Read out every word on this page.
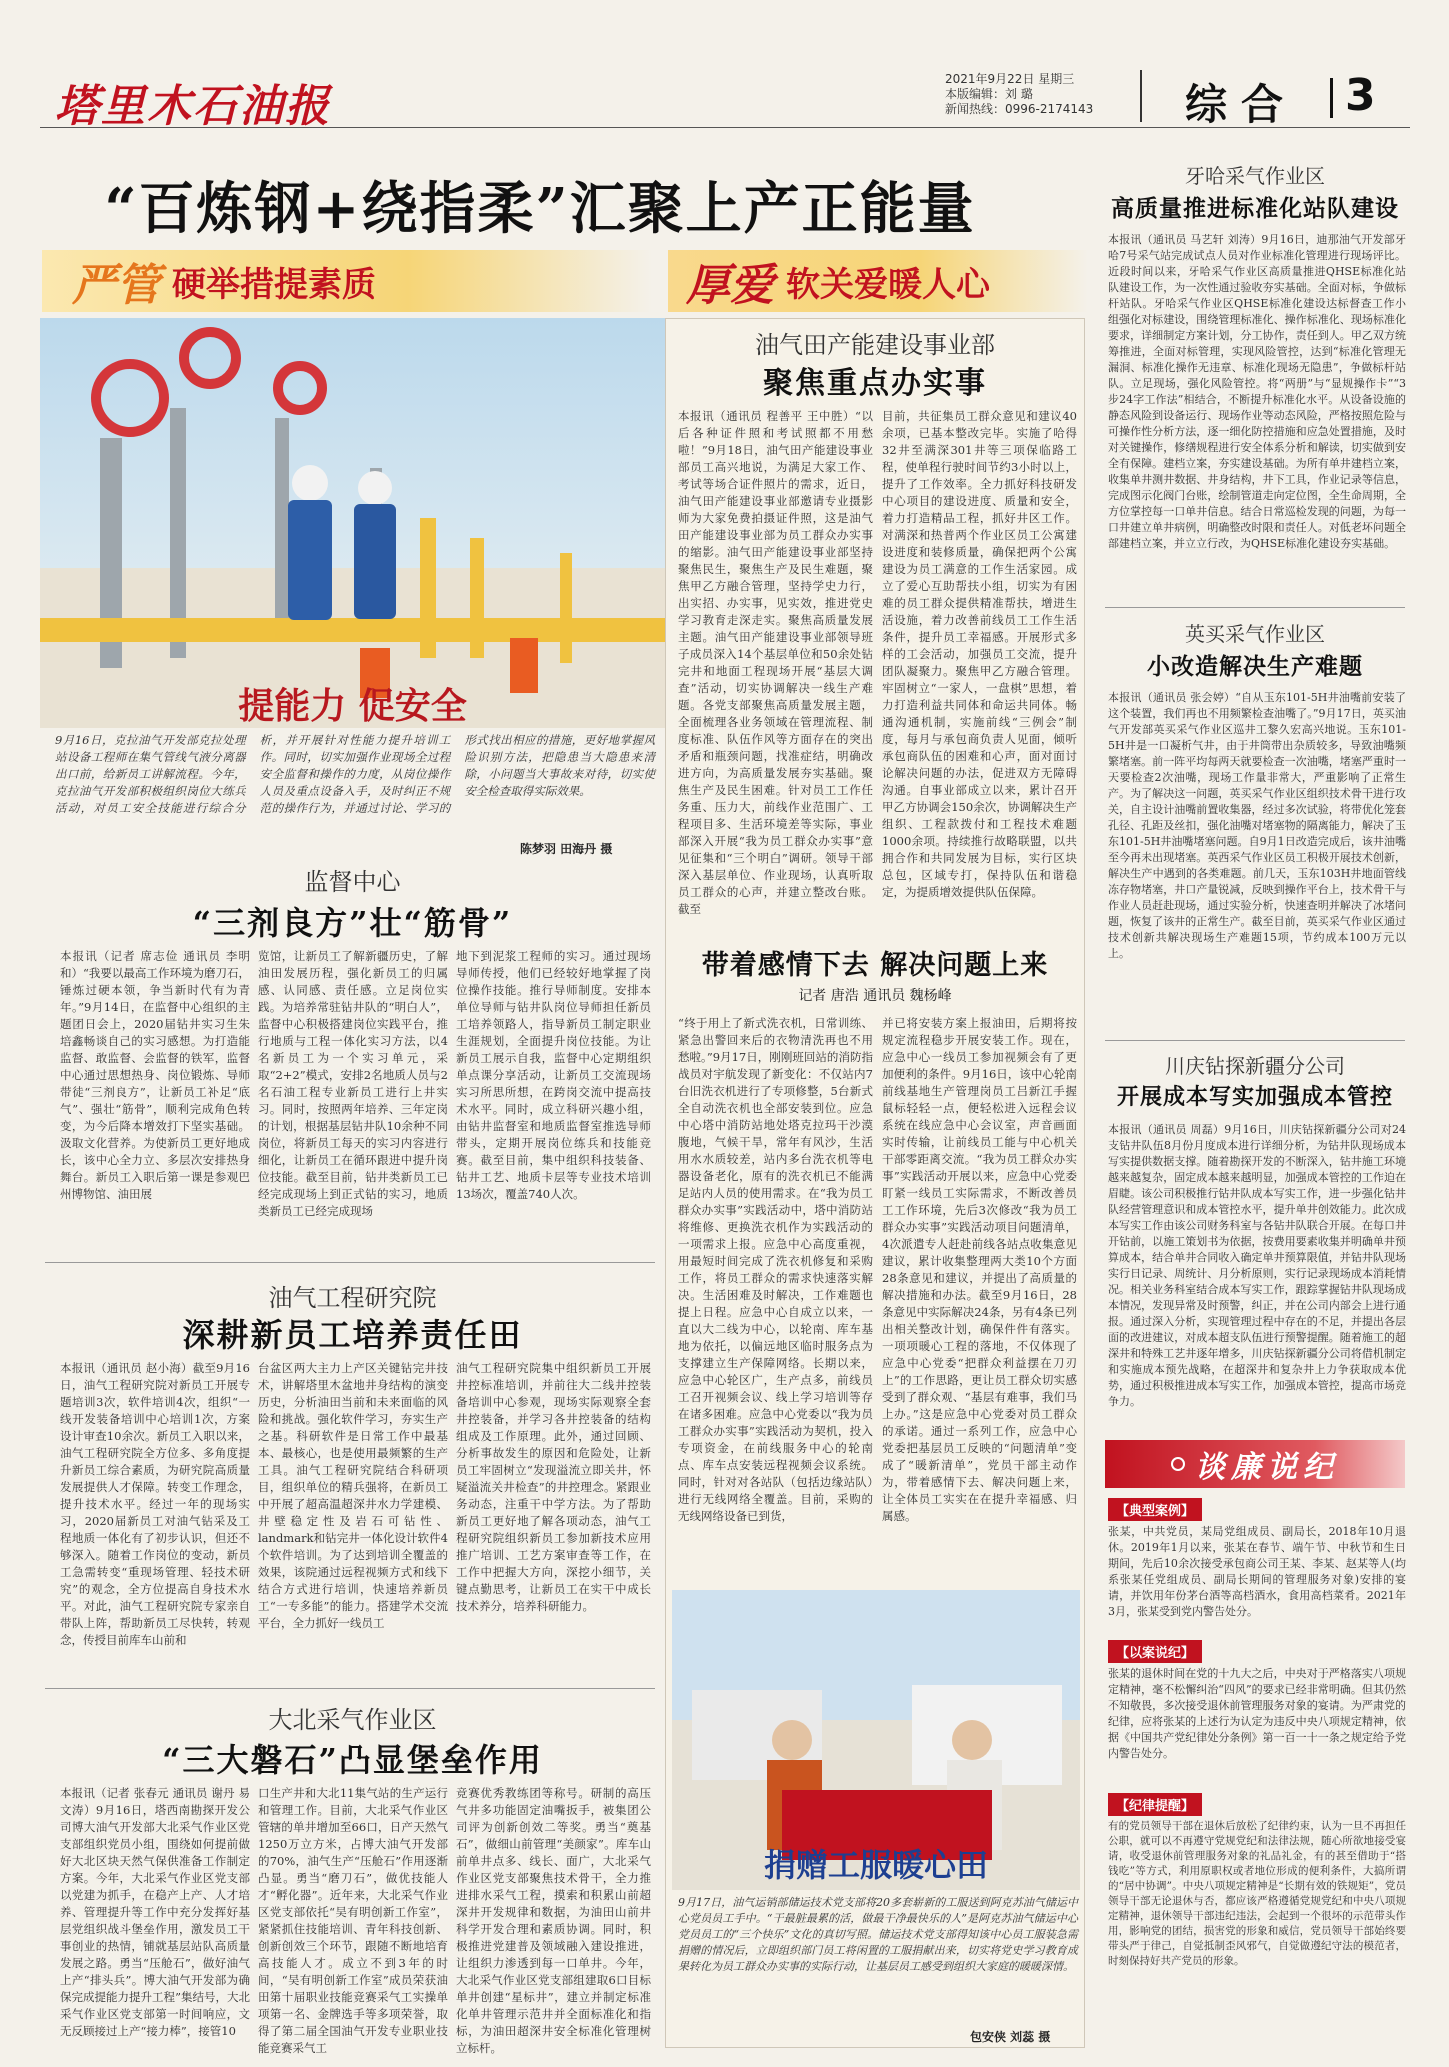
塔里木石油报
2021年9月22日 星期三
本版编辑：刘 璐
新闻热线：0996-2174143	综合 3
“百炼钢+绕指柔”汇聚上产正能量
严管 硬举措提素质	厚爱 软关爱暖人心
提能力 促安全
9月16日，克拉油气开发部克拉处理站设备工程师在集气管线气液分离器出口前，给新员工讲解流程。今年，克拉油气开发部积极组织岗位大练兵活动，对员工安全技能进行综合分析，并开展针对性能力提升培训工作。同时，切实加强作业现场全过程安全监督和操作的力度，从岗位操作人员及重点设备入手，及时纠正不规范的操作行为，并通过讨论、学习的形式找出相应的措施，更好地掌握风险识别方法，把隐患当大隐患来清除，小问题当大事故来对待，切实使安全检查取得实际效果。
陈梦羽 田海丹 摄
监督中心
“三剂良方”壮“筋骨”
本报讯（记者 席志俭 通讯员 李明和）“我要以最高工作环境为磨刀石，锤炼过硬本领，争当新时代有为青年。”9月14日，在监督中心组织的主题团日会上，2020届钻井实习生朱培鑫畅谈自己的实习感想。为打造能监督、敢监督、会监督的铁军，监督中心通过思想热身、岗位锻炼、导师带徒“三剂良方”，让新员工补足“底气”、强壮“筋骨”，顺利完成角色转变，为今后降本增效打下坚实基础。汲取文化营养。为使新员工更好地成长，该中心全力立、多层次安排热身舞台。新员工入职后第一课是参观巴州博物馆、油田展
览馆，让新员工了解新疆历史，了解油田发展历程，强化新员工的归属感、认同感、责任感。立足岗位实践。为培养常驻钻井队的“明白人”，监督中心积极搭建岗位实践平台，推行地质与工程一体化实习方法，以4名新员工为一个实习单元，采取“2+2”模式，安排2名地质人员与2名石油工程专业新员工进行上井实习。同时，按照两年培养、三年定岗的计划，根据基层钻井队10余种不同岗位，将新员工每天的实习内容进行细化，让新员工在循环跟进中提升岗位技能。截至目前，钻井类新员工已经完成现场上到正式钻的实习，地质类新员工已经完成现场
地下到泥浆工程师的实习。通过现场导师传授，他们已经较好地掌握了岗位操作技能。推行导师制度。安排本单位导师与钻井队岗位导师担任新员工培养领路人，指导新员工制定职业生涯规划，全面提升岗位技能。为让新员工展示自我，监督中心定期组织单点课分享活动，让新员工交流现场实习所思所想，在跨岗交流中提高技术水平。同时，成立科研兴趣小组，由钻井监督室和地质监督室推选导师带头，定期开展岗位练兵和技能竞赛。截至目前，集中组织科技装备、钻井工艺、地质卡层等专业技术培训13场次，覆盖740人次。
油气工程研究院
深耕新员工培养责任田
本报讯（通讯员 赵小海）截至9月16日，油气工程研究院对新员工开展专题培训3次，软件培训4次，组织“一线开发装备培训中心培训1次，方案设计审查10余次。新员工入职以来，油气工程研究院全方位多、多角度提升新员工综合素质，为研究院高质量发展提供人才保障。转变工作理念，提升技术水平。经过一年的现场实习，2020届新员工对油气钻采及工程地质一体化有了初步认识，但还不够深入。随着工作岗位的变动，新员工急需转变“重现场管理、轻技术研究”的观念，全方位提高自身技术水平。对此，油气工程研究院专家亲自带队上阵，帮助新员工尽快转，转观念，传授目前库车山前和
台盆区两大主力上产区关键钻完井技术，讲解塔里木盆地井身结构的演变历史，分析油田当前和未来面临的风险和挑战。强化软件学习，夯实生产之基。科研软件是日常工作中最基本、最核心，也是使用最频繁的生产工具。油气工程研究院结合科研项目，组织单位的精兵强将，在新员工中开展了超高温超深井水力学建模、井壁稳定性及岩石可钻性、landmark和钻完井一体化设计软件4个软件培训。为了达到培训全覆盖的效果，该院通过远程视频方式和线下结合方式进行培训，快速培养新员工“一专多能”的能力。搭建学术交流平台，全力抓好一线员工
油气工程研究院集中组织新员工开展井控标准培训，并前往大二线井控装备培训中心参观，现场实际观察全套井控装备，并学习各井控装备的结构组成及工作原理。此外，通过回顾、分析事故发生的原因和危险处，让新员工牢固树立“发现溢流立即关井，怀疑溢流关井检查”的井控理念。紧跟业务动态，注重干中学方法。为了帮助新员工更好地了解各项动态，油气工程研究院组织新员工参加新技术应用推广培训、工艺方案审查等工作，在工作中把握大方向，深挖小细节，关键点勤思考，让新员工在实干中成长技术养分，培养科研能力。
大北采气作业区
“三大磐石”凸显堡垒作用
本报讯（记者 张春元 通讯员 谢丹 易文涛）9月16日，塔西南勘探开发公司博大油气开发部大北采气作业区党支部组织党员小组，围绕如何提前做好大北区块天然气保供准备工作制定方案。今年，大北采气作业区党支部以党建为抓手，在稳产上产、人才培养、管理提升等工作中充分发挥好基层党组织战斗堡垒作用，激发员工干事创业的热情，铺就基层站队高质量发展之路。勇当“压舱石”，做好油气上产“排头兵”。博大油气开发部为确保完成提能力提升工程”集结号，大北采气作业区党支部第一时间响应，文无反顾接过上产“接力棒”，接管10
口生产井和大北11集气站的生产运行和管理工作。目前，大北采气作业区管辖的单井增加至66口，日产天然气1250万立方米，占博大油气开发部的70%，油气生产“压舱石”作用逐渐凸显。勇当“磨刀石”，做优技能人才“孵化器”。近年来，大北采气作业区党支部依托“吴有明创新工作室”，紧紧抓住技能培训、青年科技创新、创新创效三个环节，跟随不断地培育高技能人才。成立不到3年的时间，“吴有明创新工作室”成员荣获油田第十届职业技能竞赛采气工实操单项第一名、金牌选手等多项荣誉，取得了第二届全国油气开发专业职业技能竞赛采气工
竞赛优秀教练团等称号。研制的高压气井多功能固定油嘴扳手，被集团公司评为创新创效二等奖。勇当“奠基石”，做细山前管理“美颜家”。库车山前单井点多、线长、面广，大北采气作业区党支部聚焦技术骨干，全力推进排水采气工程，摸索和积累山前超深井开发规律和数据，为油田山前井科学开发合理和素质协调。同时，积极推进党建普及领域融入建设推进，让组织力渗透到每一口单井。今年，大北采气作业区党支部组建取6口目标单井创建“星标井”，建立并制定标准化单井管理示范井并全面标准化和指标，为油田超深井安全标准化管理树立标杆。
油气田产能建设事业部
聚焦重点办实事
本报讯（通讯员 程善平 王中胜）“以后各种证件照和考试照都不用愁啦！”9月18日，油气田产能建设事业部员工高兴地说，为满足大家工作、考试等场合证件照片的需求，近日，油气田产能建设事业部邀请专业摄影师为大家免费拍摄证件照，这是油气田产能建设事业部为员工群众办实事的缩影。油气田产能建设事业部坚持聚焦民生，聚焦生产及民生难题，聚焦甲乙方融合管理，坚持学史力行，出实招、办实事，见实效，推进党史学习教育走深走实。聚焦高质量发展主题。油气田产能建设事业部领导班子成员深入14个基层单位和50余处钻完井和地面工程现场开展“基层大调查”活动，切实协调解决一线生产难题。各党支部聚焦高质量发展主题，全面梳理各业务领域在管理流程、制度标准、队伍作风等方面存在的突出矛盾和瓶颈问题，找准症结，明确改进方向，为高质量发展夯实基础。聚焦生产及民生困难。针对员工工作任务重、压力大，前线作业范围广、工程项目多、生活环境差等实际，事业部深入开展“我为员工群众办实事”意见征集和“三个明白”调研。领导干部深入基层单位、作业现场，认真听取员工群众的心声，并建立整改台账。截至
目前，共征集员工群众意见和建议40余项，已基本整改完毕。实施了哈得32井至满深301井等三项保临路工程，使单程行驶时间节约3小时以上，提升了工作效率。全力抓好科技研发中心项目的建设进度、质量和安全，着力打造精品工程，抓好井区工作。对满深和热普两个作业区员工公寓建设进度和装修质量，确保把两个公寓建设为员工满意的工作生活家园。成立了爱心互助帮扶小组，切实为有困难的员工群众提供精准帮扶，增进生活设施，着力改善前线员工工作生活条件，提升员工幸福感。开展形式多样的工会活动，加强员工交流，提升团队凝聚力。聚焦甲乙方融合管理。牢固树立“一家人，一盘棋”思想，着力打造利益共同体和命运共同体。畅通沟通机制，实施前线“三例会”制度，每月与承包商负责人见面，倾听承包商队伍的困难和心声，面对面讨论解决问题的办法，促进双方无障碍沟通。自事业部成立以来，累计召开甲乙方协调会150余次，协调解决生产组织、工程款拨付和工程技术难题1000余项。持续推行故略联盟，以共拥合作和共同发展为目标，实行区块总包，区域专打，保持队伍和谐稳定，为提质增效提供队伍保障。
带着感情下去 解决问题上来
记者 唐浩 通讯员 魏杨峰
“终于用上了新式洗衣机，日常训练、紧急出警回来后的衣物清洗再也不用愁啦。”9月17日，刚刚班回站的消防指战员对宇航发现了新变化：不仅站内7台旧洗衣机进行了专项修整，5台新式全自动洗衣机也全部安装到位。应急中心塔中消防站地处塔克拉玛干沙漠腹地，气候干旱，常年有风沙，生活用水水质较差，站内多台洗衣机等电器设备老化，原有的洗衣机已不能满足站内人员的使用需求。在“我为员工群众办实事”实践活动中，塔中消防站将维修、更换洗衣机作为实践活动的一项需求上报。应急中心高度重视，用最短时间完成了洗衣机修复和采购工作，将员工群众的需求快速落实解决。生活困难及时解决，工作难题也提上日程。应急中心自成立以来，一直以大二线为中心，以轮南、库车基地为依托，以偏远地区临时服务点为支撑建立生产保障网络。长期以来，应急中心轮区广，生产点多，前线员工召开视频会议、线上学习培训等存在诸多困难。应急中心党委以“我为员工群众办实事”实践活动为契机，投入专项资金，在前线服务中心的轮南点、库车点安装远程视频会议系统。同时，针对对各站队（包括边缘站队）进行无线网络全覆盖。目前，采购的无线网络设备已到货，
并已将安装方案上报油田，后期将按规定流程稳步开展安装工作。现在，应急中心一线员工参加视频会有了更加便利的条件。9月16日，该中心轮南前线基地生产管理岗员工吕新江手握鼠标轻轻一点，便轻松进入远程会议系统在线应急中心会议室，声音画面实时传输，让前线员工能与中心机关干部零距离交流。“我为员工群众办实事”实践活动开展以来，应急中心党委盯紧一线员工实际需求，不断改善员工工作环境，先后3次修改“我为员工群众办实事”实践活动项目问题清单，4次派遣专人赶赴前线各站点收集意见建议，累计收集整理两大类10个方面28条意见和建议，并提出了高质量的解决措施和办法。截至9月16日，28条意见中实际解决24条，另有4条已列出相关整改计划，确保件件有落实。一项项暖心工程的落地，不仅体现了应急中心党委“把群众利益摆在刀刃上”的工作思路，更让员工群众切实感受到了群众观、“基层有难事，我们马上办。”这是应急中心党委对员工群众的承诺。通过一系列工作，应急中心党委把基层员工反映的“问题清单”变成了“暖新清单”，党员干部主动作为，带着感情下去、解决问题上来，让全体员工实实在在提升幸福感、归属感。
捐赠工服暖心田
9月17日，油气运销部储运技术党支部将20多套崭新的工服送到阿克苏油气储运中心党员员工手中。“干最脏最累的活，做最干净最快乐的人”是阿克苏油气储运中心党员员工的“三个快乐”文化的真切写照。储运技术党支部得知该中心员工服装急需捐赠的情况后，立即组织部门员工将闲置的工服捐献出来，切实将党史学习教育成果转化为员工群众办实事的实际行动，让基层员工感受到组织大家庭的暖暖深情。
包安侠 刘蕊 摄
牙哈采气作业区
高质量推进标准化站队建设
本报讯（通讯员 马艺轩 刘涛）9月16日，迪那油气开发部牙哈7号采气站完成试点人员对作业标准化管理进行现场评比。近段时间以来，牙哈采气作业区高质量推进QHSE标准化站队建设工作，为一次性通过验收夯实基础。全面对标，争做标杆站队。牙哈采气作业区QHSE标准化建设达标督查工作小组强化对标建设，围绕管理标准化、操作标准化、现场标准化要求，详细制定方案计划，分工协作，责任到人。甲乙双方统筹推进，全面对标管理，实现风险管控，达到“标准化管理无漏洞、标准化操作无违章、标准化现场无隐患”，争做标杆站队。立足现场，强化风险管控。将“两册”与“显规操作卡”“3步24字工作法”相结合，不断提升标准化水平。从设备设施的静态风险到设备运行、现场作业等动态风险，严格按照危险与可操作性分析方法，逐一细化防控措施和应急处置措施，及时对关键操作，修缮规程进行安全体系分析和解读，切实做到安全有保障。建档立案，夯实建设基础。为所有单井建档立案，收集单井测井数据、井身结构，井下工具，作业记录等信息，完成图示化阀门台账，绘制管道走向定位图，全生命周期，全方位掌控每一口单井信息。结合日常巡检发现的问题，为每一口井建立单井病例，明确整改时限和责任人。对低老坏问题全部建档立案，并立立行改，为QHSE标准化建设夯实基础。
英买采气作业区
小改造解决生产难题
本报讯（通讯员 张会婷）“自从玉东101-5H井油嘴前安装了这个装置，我们再也不用频繁检查油嘴了。”9月17日，英买油气开发部英买采气作业区巡井工黎久宏高兴地说。玉东101-5H井是一口凝析气井，由于井筒带出杂质较多，导致油嘴频繁堵塞。前一阵平均每两天就要检查一次油嘴，堵塞严重时一天要检查2次油嘴，现场工作量非常大，严重影响了正常生产。为了解决这一问题，英买采气作业区组织技术骨干进行攻关，自主设计油嘴前置收集器，经过多次试验，将带优化笼套孔径、孔距及丝扣，强化油嘴对堵塞物的隔离能力，解决了玉东101-5H井油嘴堵塞问题。自9月1日改造完成后，该井油嘴至今再未出现堵塞。英西采气作业区员工积极开展技术创新，解决生产中遇到的各类难题。前几天，玉东103H井地面管线冻存物堵塞，井口产量锐减，反映到操作平台上，技术骨干与作业人员赶赴现场，通过实验分析，快速查明并解决了冰堵问题，恢复了该井的正常生产。截至目前，英买采气作业区通过技术创新共解决现场生产难题15项，节约成本100万元以上。
川庆钻探新疆分公司
开展成本写实加强成本管控
本报讯（通讯员 周磊）9月16日，川庆钻探新疆分公司对24支钻井队伍8月份月度成本进行详细分析，为钻井队现场成本写实提供数据支撑。随着勘探开发的不断深入，钻井施工环境越来越复杂，固定成本越来越明显，加强成本管控的工作迫在眉睫。该公司积极推行钻井队成本写实工作，进一步强化钻井队经营管理意识和成本管控水平，提升单井创效能力。此次成本写实工作由该公司财务科室与各钻井队联合开展。在每口井开钻前，以施工策划书为依据，按费用要素收集并明确单井预算成本，结合单井合同收入确定单井预算限值，并钻井队现场实行日记录、周统计、月分析原则，实行记录现场成本消耗情况。相关业务科室结合成本写实工作，跟踪掌握钻井队现场成本情况，发现异常及时预警，纠正，并在公司内部会上进行通报。通过深入分析，实现管理过程中存在的不足，并提出各层面的改进建议，对成本超支队伍进行预警提醒。随着施工的超深井和特殊工艺井逐年增多，川庆钻探新疆分公司将借机制定和实施成本预先战略，在超深井和复杂井上力争获取成本优势，通过积极推进成本写实工作，加强成本管控，提高市场竞争力。
谈廉说纪
【典型案例】
张某，中共党员，某局党组成员、副局长，2018年10月退休。2019年1月以来，张某在春节、端午节、中秋节和生日期间，先后10余次接受承包商公司王某、李某、赵某等人(均系张某任党组成员、副局长期间的管理服务对象)安排的宴请，并饮用年份茅台酒等高档酒水，食用高档菜肴。2021年3月，张某受到党内警告处分。
【以案说纪】
张某的退休时间在党的十九大之后，中央对于严格落实八项规定精神，毫不松懈纠治“四风”的要求已经非常明确。但其仍然不知敬畏，多次接受退休前管理服务对象的宴请。为严肃党的纪律，应将张某的上述行为认定为违反中央八项规定精神，依据《中国共产党纪律处分条例》第一百一十一条之规定给予党内警告处分。
【纪律提醒】
有的党员领导干部在退休后放松了纪律约束，认为一旦不再担任公职，就可以不再遵守党规党纪和法律法规，随心所欲地接受宴请，收受退休前管理服务对象的礼品礼金，有的甚至借助于“搭钱吃”等方式，利用原职权或者地位形成的便利条件，大搞所谓的“居中协调”。中央八项规定精神是“长期有效的铁规矩”，党员领导干部无论退休与否，都应该严格遵循党规党纪和中央八项规定精神，退休领导干部违纪违法，会起到一个很坏的示范带头作用，影响党的团结，损害党的形象和威信，党员领导干部始终要带头严于律己，自觉抵制歪风邪气，自觉做遵纪守法的模范者，时刻保持好共产党员的形象。
